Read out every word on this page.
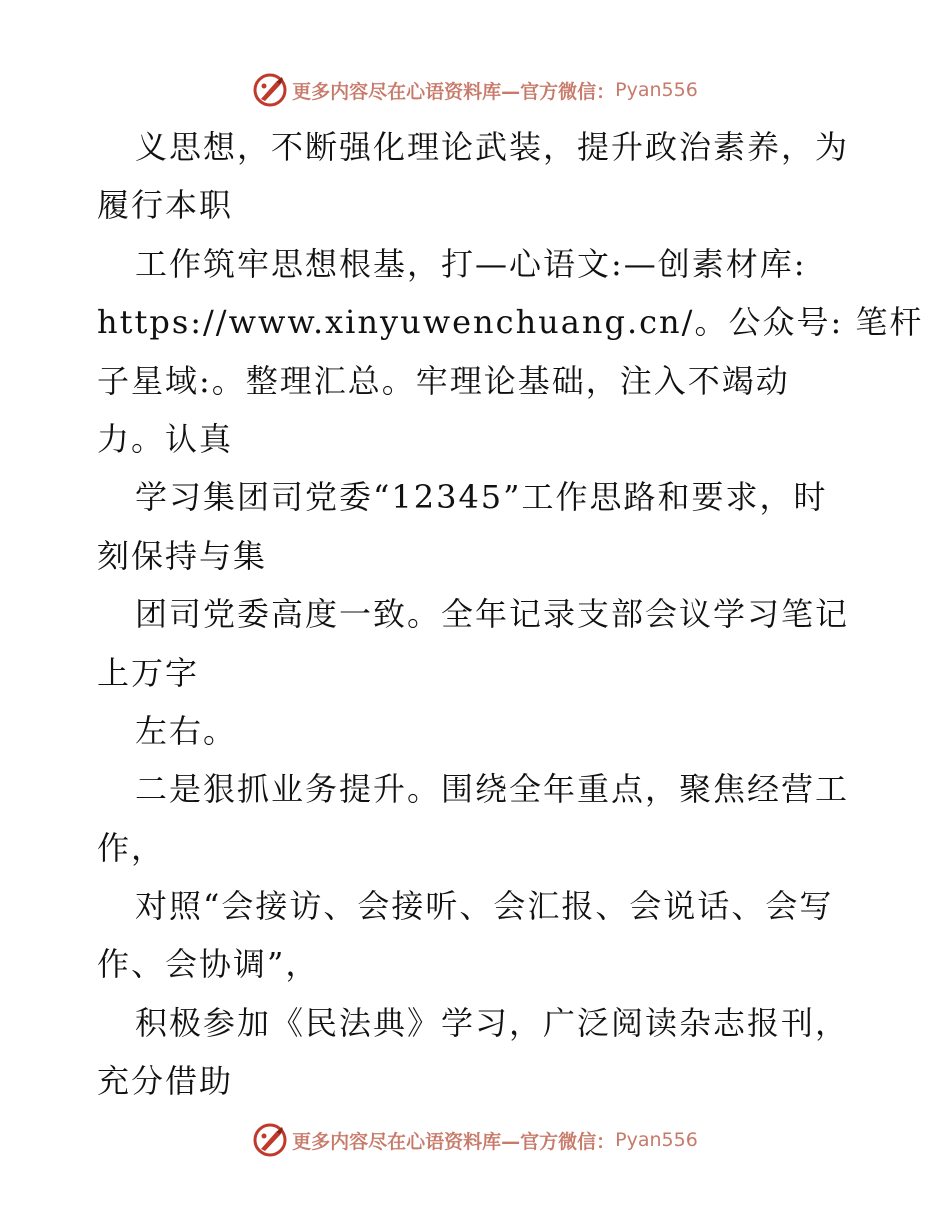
更多内容尽在心语资料库—官方微信： Pyan556
义思想，不断强化理论武装，提升政治素养，为
履行本职
工作筑牢思想根基，打—心语文:—创素材库:
https://www.xinyuwenchuang.cn/。公众号: 笔杆
子星域:。整理汇总。牢理论基础，注入不竭动
力。认真
学习集团司党委“12345”工作思路和要求，时
刻保持与集
团司党委高度一致。全年记录支部会议学习笔记
上万字
左右。
二是狠抓业务提升。围绕全年重点，聚焦经营工
作，
对照“会接访、会接听、会汇报、会说话、会写
作、会协调”，
积极参加《民法典》学习，广泛阅读杂志报刊，
充分借助
更多内容尽在心语资料库—官方微信： Pyan556
